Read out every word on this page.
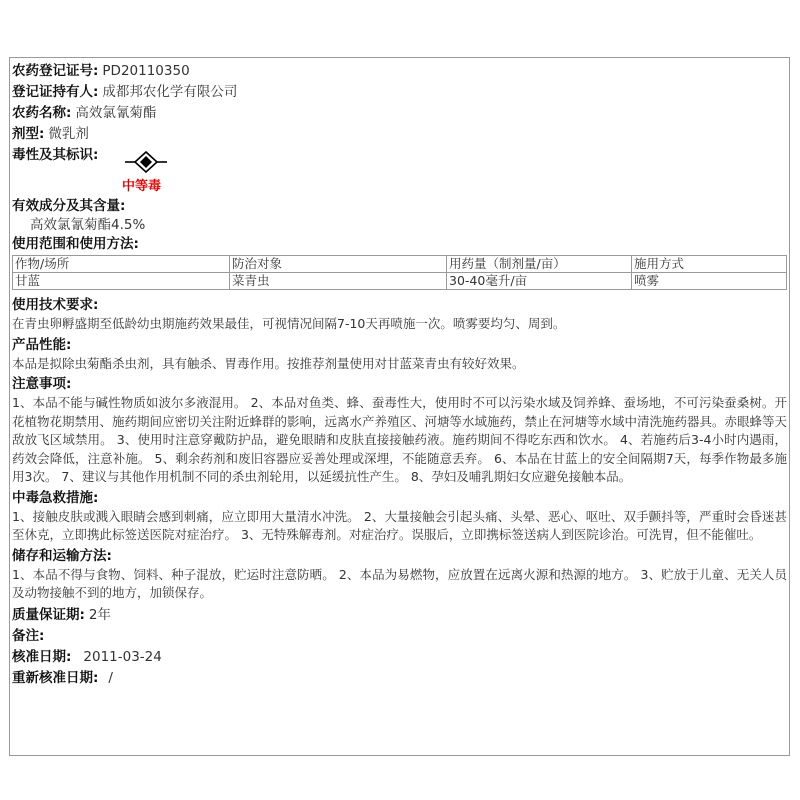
农药登记证号: PD20110350
登记证持有人: 成都邦农化学有限公司
农药名称: 高效氯氰菊酯
剂型: 微乳剂
毒性及其标识:
中等毒
有效成分及其含量:
高效氯氰菊酯4.5%
使用范围和使用方法:
作物/场所	防治对象	用药量（制剂量/亩）	施用方式
甘蓝	菜青虫	30-40毫升/亩	喷雾
使用技术要求:
在青虫卵孵盛期至低龄幼虫期施药效果最佳，可视情况间隔7-10天再喷施一次。喷雾要均匀、周到。
产品性能:
本品是拟除虫菊酯杀虫剂，具有触杀、胃毒作用。按推荐剂量使用对甘蓝菜青虫有较好效果。
注意事项:
1、本品不能与碱性物质如波尔多液混用。 2、本品对鱼类、蜂、蚕毒性大，使用时不可以污染水域及饲养蜂、蚕场地，不可污染蚕桑树。开花植物花期禁用、施药期间应密切关注附近蜂群的影响，远离水产养殖区、河塘等水域施药，禁止在河塘等水域中清洗施药器具。赤眼蜂等天敌放飞区域禁用。 3、使用时注意穿戴防护品，避免眼睛和皮肤直接接触药液。施药期间不得吃东西和饮水。 4、若施药后3-4小时内遇雨，药效会降低，注意补施。 5、剩余药剂和废旧容器应妥善处理或深埋，不能随意丢弃。 6、本品在甘蓝上的安全间隔期7天，每季作物最多施用3次。 7、建议与其他作用机制不同的杀虫剂轮用，以延缓抗性产生。 8、孕妇及哺乳期妇女应避免接触本品。
中毒急救措施:
1、接触皮肤或溅入眼睛会感到刺痛，应立即用大量清水冲洗。 2、大量接触会引起头痛、头晕、恶心、呕吐、双手颤抖等，严重时会昏迷甚至休克，立即携此标签送医院对症治疗。 3、无特殊解毒剂。对症治疗。误服后，立即携标签送病人到医院诊治。可洗胃，但不能催吐。
储存和运输方法:
1、本品不得与食物、饲料、种子混放，贮运时注意防晒。 2、本品为易燃物，应放置在远离火源和热源的地方。 3、贮放于儿童、无关人员及动物接触不到的地方，加锁保存。
质量保证期: 2年
备注:
核准日期: 2011-03-24
重新核准日期: /
